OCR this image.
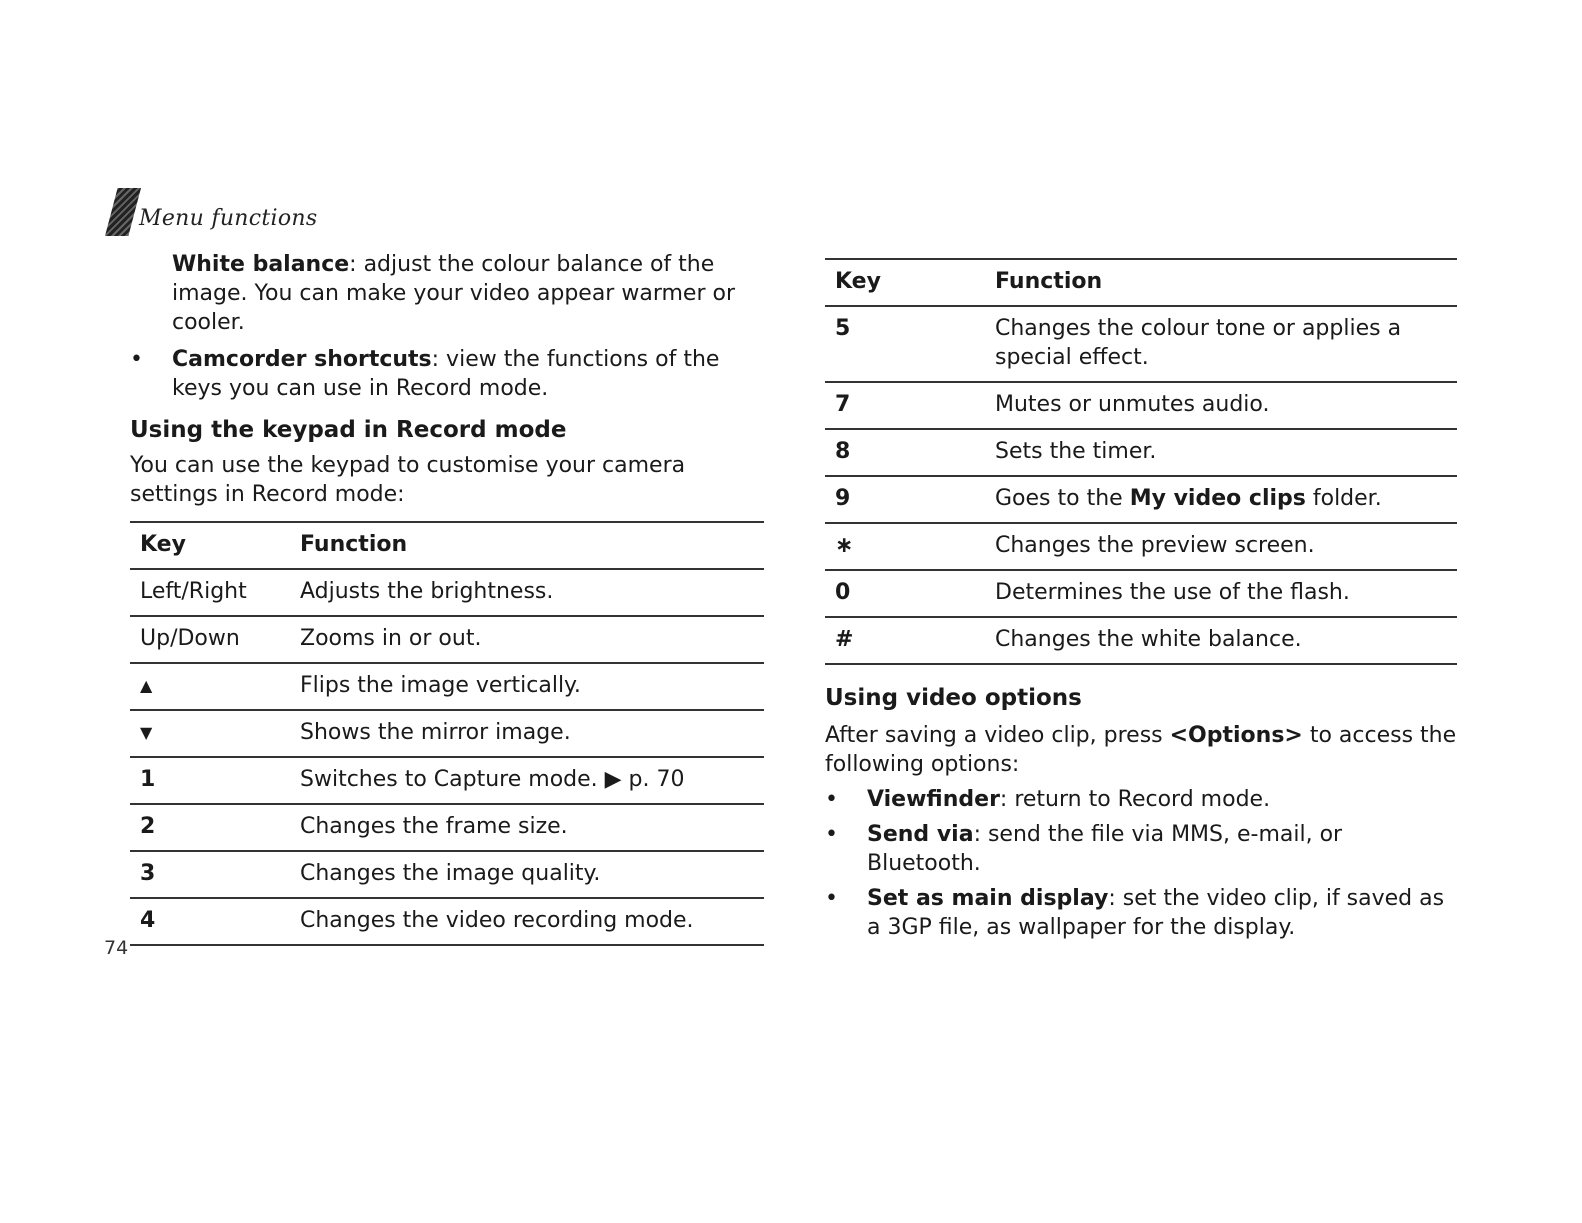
Menu functions

White balance: adjust the colour balance of the image. You can make your video appear warmer or cooler.

• Camcorder shortcuts: view the functions of the keys you can use in Record mode.

Using the keypad in Record mode

You can use the keypad to customise your camera settings in Record mode:

Key	Function
Left/Right	Adjusts the brightness.
Up/Down	Zooms in or out.
▲	Flips the image vertically.
▼	Shows the mirror image.
1	Switches to Capture mode. ▶ p. 70
2	Changes the frame size.
3	Changes the image quality.
4	Changes the video recording mode.
Key	Function
5	Changes the colour tone or applies a special effect.
7	Mutes or unmutes audio.
8	Sets the timer.
9	Goes to the My video clips folder.
∗	Changes the preview screen.
0	Determines the use of the flash.
#	Changes the white balance.

Using video options

After saving a video clip, press <Options> to access the following options:

• Viewfinder: return to Record mode.
• Send via: send the file via MMS, e-mail, or Bluetooth.
• Set as main display: set the video clip, if saved as a 3GP file, as wallpaper for the display.
74
